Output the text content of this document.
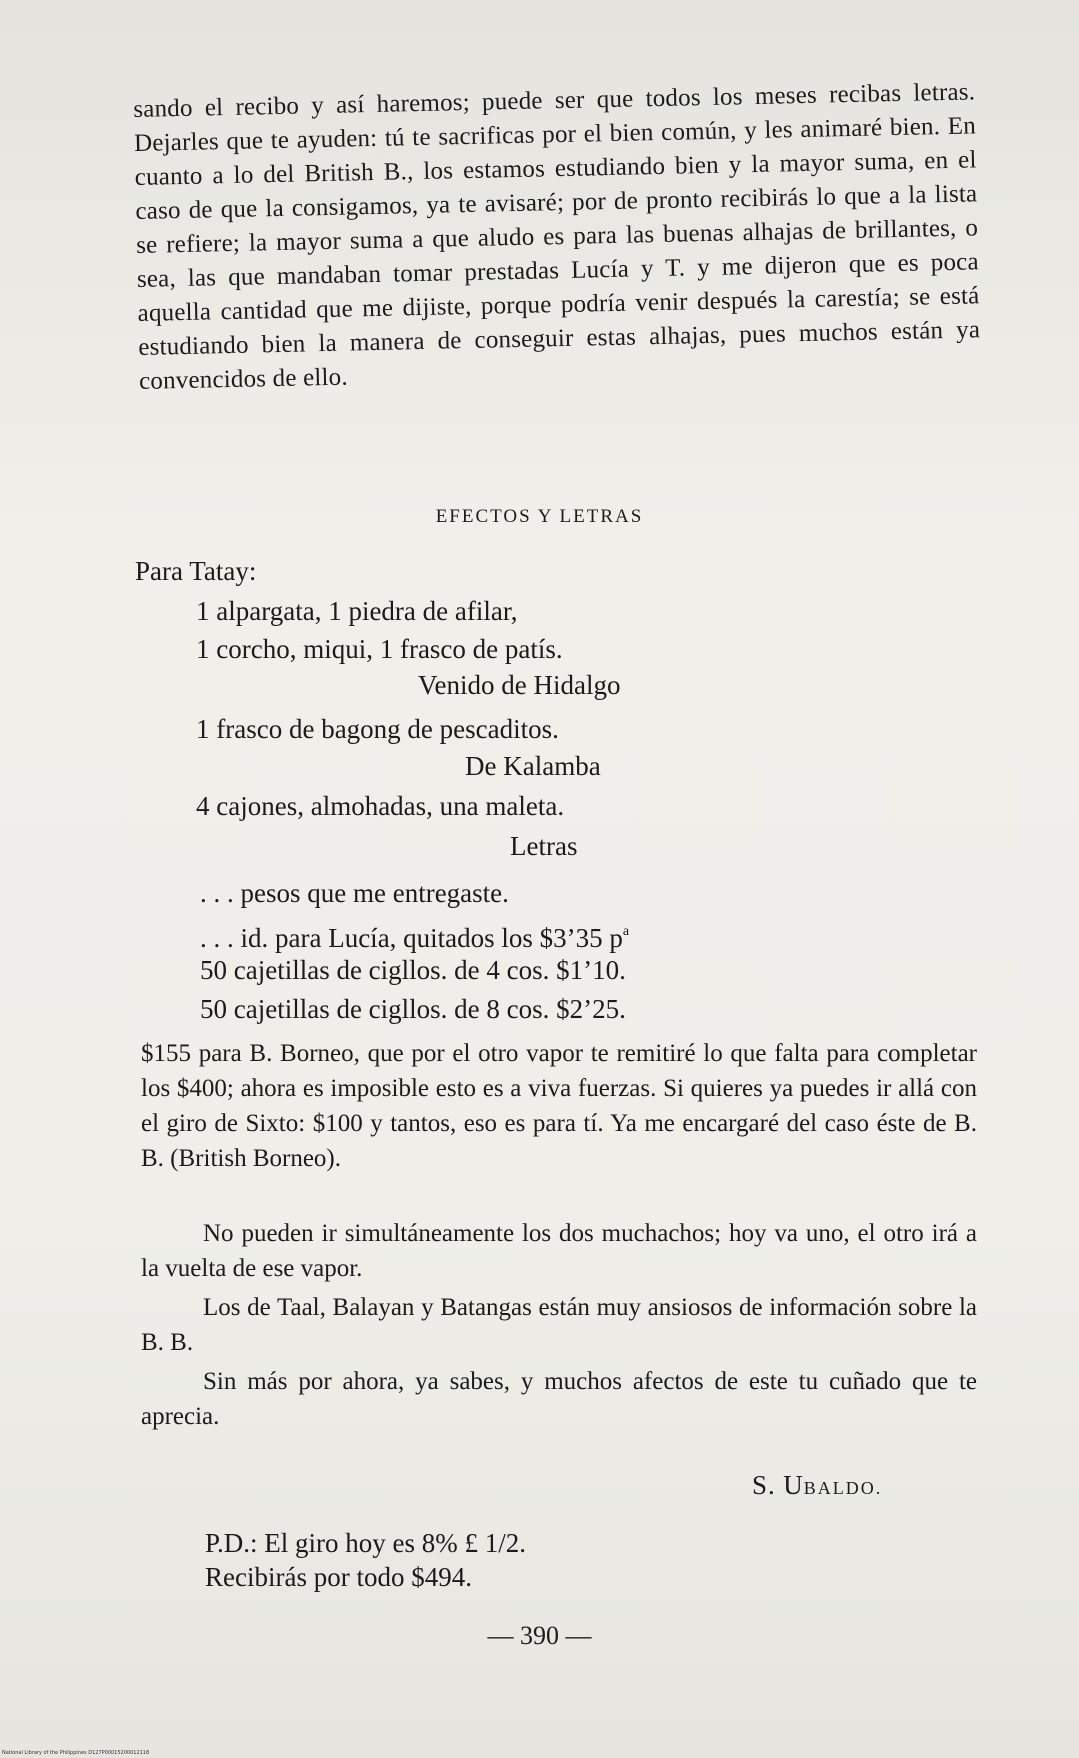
sando el recibo y así haremos; puede ser que todos los meses recibas letras. Dejarles que te ayuden: tú te sacrificas por el bien común, y les animaré bien. En cuanto a lo del British B., los estamos estudiando bien y la mayor suma, en el caso de que la consigamos, ya te avisaré; por de pronto recibirás lo que a la lista se refiere; la mayor suma a que aludo es para las buenas alhajas de brillantes, o sea, las que mandaban tomar prestadas Lucía y T. y me dijeron que es poca aquella cantidad que me dijiste, porque podría venir después la carestía; se está estudiando bien la manera de conseguir estas alhajas, pues muchos están ya convencidos de ello.
EFECTOS Y LETRAS
Para Tatay:
1 alpargata, 1 piedra de afilar,
1 corcho, miqui, 1 frasco de patís.
Venido de Hidalgo
1 frasco de bagong de pescaditos.
De Kalamba
4 cajones, almohadas, una maleta.
Letras
. . . pesos que me entregaste.
. . . id. para Lucía, quitados los $3’35 $p^a$
50 cajetillas de cigllos. de 4 cos. $1’10.
50 cajetillas de cigllos. de 8 cos. $2’25.
$155 para B. Borneo, que por el otro vapor te remitiré lo que falta para completar los $400; ahora es imposible esto es a viva fuerzas. Si quieres ya puedes ir allá con el giro de Sixto: $100 y tantos, eso es para tí. Ya me encargaré del caso éste de B. B. (British Borneo).
No pueden ir simultáneamente los dos muchachos; hoy va uno, el otro irá a la vuelta de ese vapor.
Los de Taal, Balayan y Batangas están muy ansiosos de información sobre la B. B.
Sin más por ahora, ya sabes, y muchos afectos de este tu cuñado que te aprecia.
S. UBALDO.
P.D.: El giro hoy es 8% £ 1/2.
Recibirás por todo $494.
— 390 —
National Library of the Philippines D127P00015200012118
